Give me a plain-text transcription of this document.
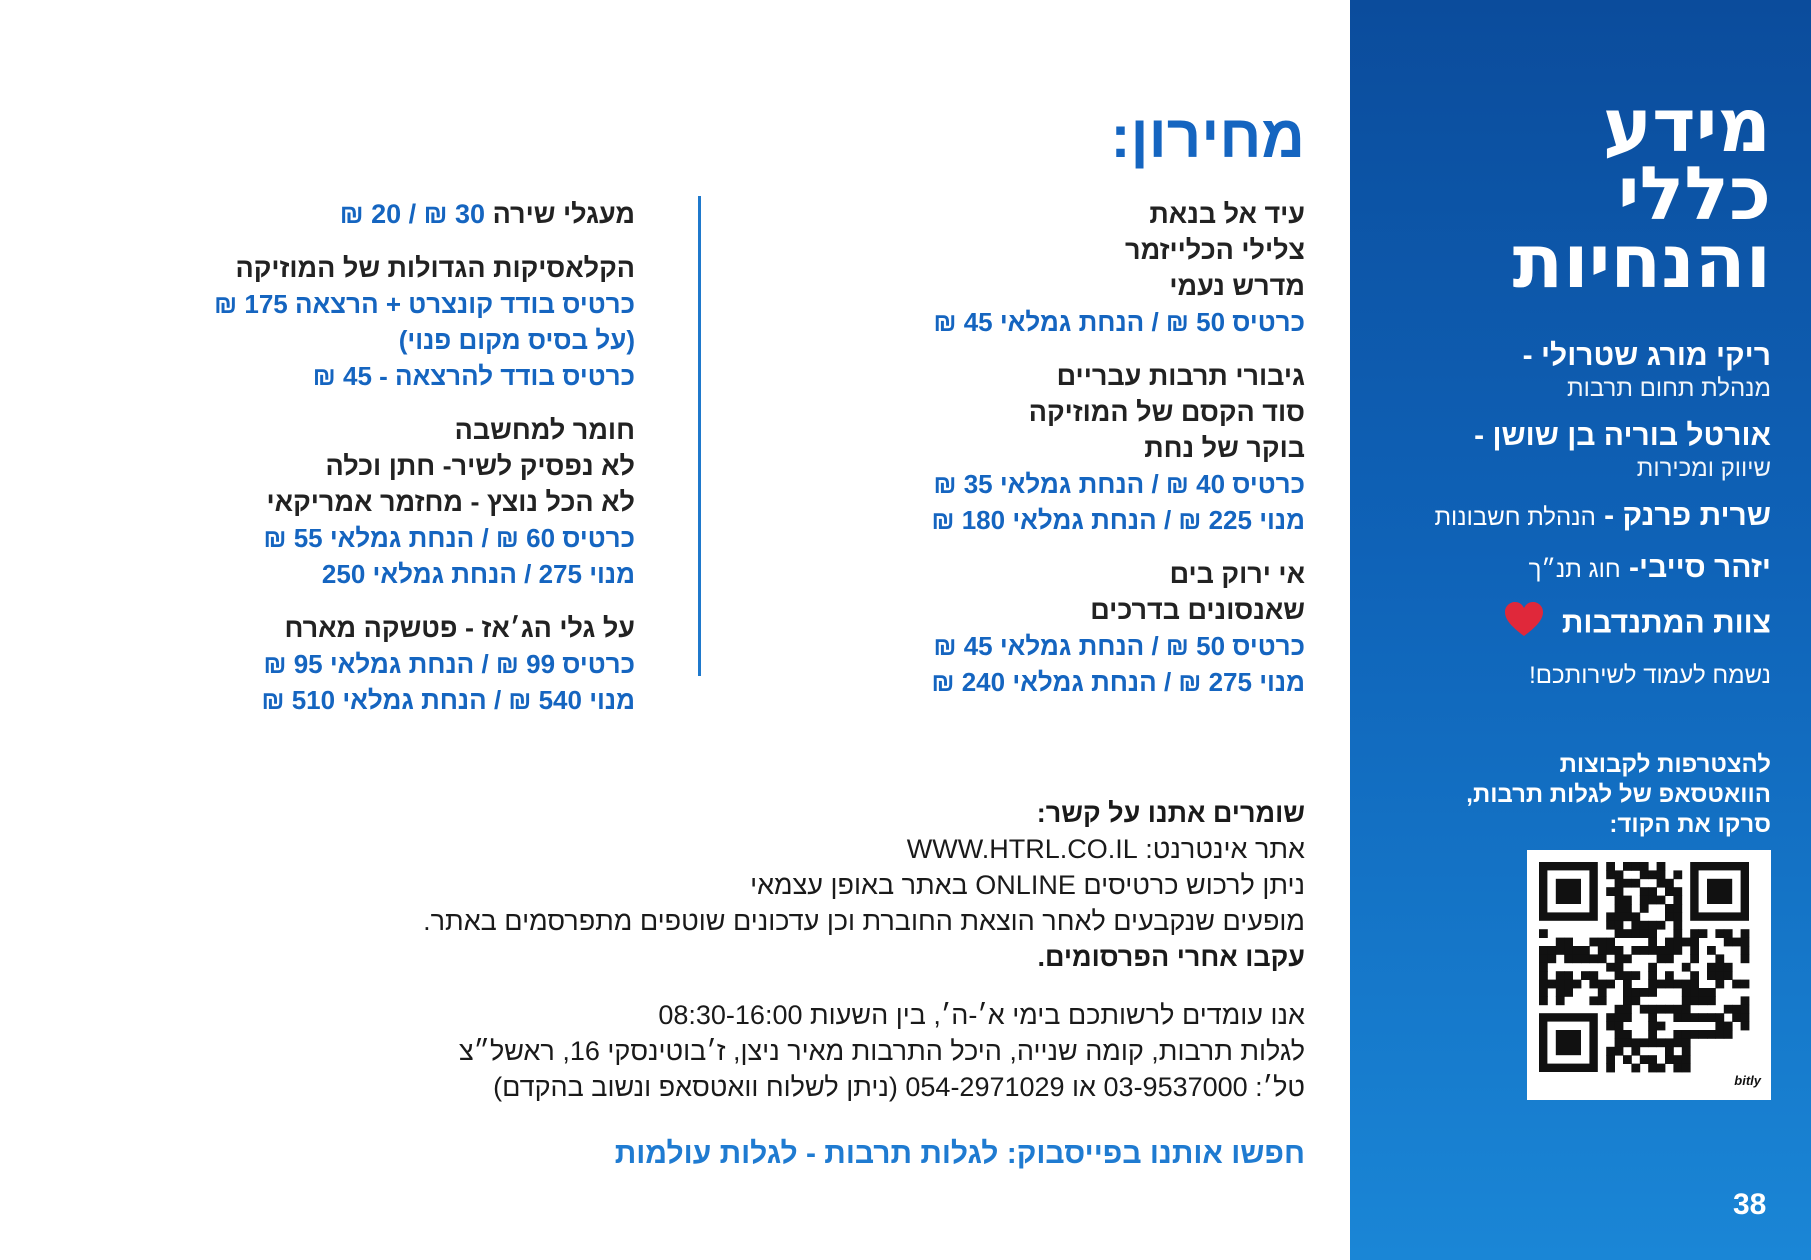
מידע
כללי
והנחיות
ריקי מורג שטרולי -
מנהלת תחום תרבות
אורטל בוריה בן שושן -
שיווק ומכירות
שרית פרנק - הנהלת חשבונות
יזהר סייבי- חוג תנ״ך
צוות המתנדבות
נשמח לעמוד לשירותכם!
להצטרפות לקבוצות
הוואטסאפ של לגלות תרבות,
סרקו את הקוד:
bitly
38
מחירון:
עיד אל בנאת
צלילי הכלייזמר
מדרש נעמי
כרטיס 50 ₪ / הנחת גמלאי 45 ₪
גיבורי תרבות עבריים
סוד הקסם של המוזיקה
בוקר של נחת
כרטיס 40 ₪ / הנחת גמלאי 35 ₪
מנוי 225 ₪ / הנחת גמלאי 180 ₪
אי ירוק בים
שאנסונים בדרכים
כרטיס 50 ₪ / הנחת גמלאי 45 ₪
מנוי 275 ₪ / הנחת גמלאי 240 ₪
מעגלי שירה 30 ₪ / 20 ₪
הקלאסיקות הגדולות של המוזיקה
כרטיס בודד קונצרט + הרצאה 175 ₪
(על בסיס מקום פנוי)
כרטיס בודד להרצאה - 45 ₪
חומר למחשבה
לא נפסיק לשיר- חתן וכלה
לא הכל נוצץ - מחזמר אמריקאי
כרטיס 60 ₪ / הנחת גמלאי 55 ₪
מנוי 275 / הנחת גמלאי 250
על גלי הג׳אז - פטשקה מארח
כרטיס 99 ₪ / הנחת גמלאי 95 ₪
מנוי 540 ₪ / הנחת גמלאי 510 ₪
שומרים אתנו על קשר:
אתר אינטרנט: WWW.HTRL.CO.IL
ניתן לרכוש כרטיסים ONLINE באתר באופן עצמאי
מופעים שנקבעים לאחר הוצאת החוברת וכן עדכונים שוטפים מתפרסמים באתר.
עקבו אחרי הפרסומים.
אנו עומדים לרשותכם בימי א׳-ה׳, בין השעות 08:30-16:00
לגלות תרבות, קומה שנייה, היכל התרבות מאיר ניצן, ז׳בוטינסקי 16, ראשל״צ
טל׳: 03-9537000 או 054-2971029 (ניתן לשלוח וואטסאפ ונשוב בהקדם)
חפשו אותנו בפייסבוק: לגלות תרבות - לגלות עולמות
